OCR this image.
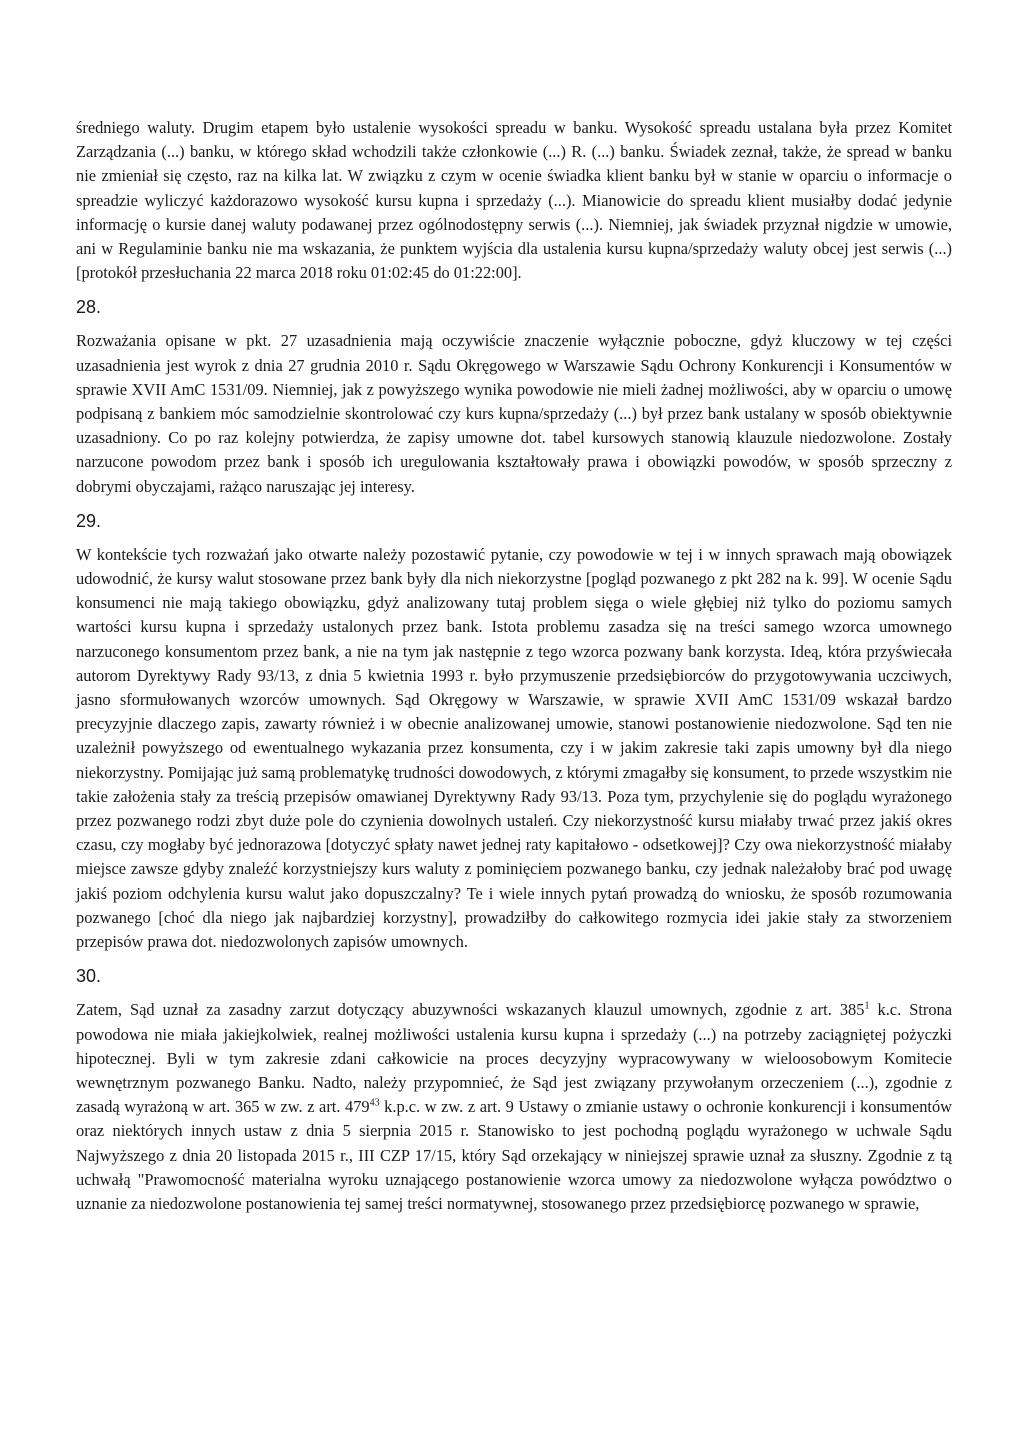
średniego waluty. Drugim etapem było ustalenie wysokości spreadu w banku. Wysokość spreadu ustalana była przez Komitet Zarządzania (...) banku, w którego skład wchodzili także członkowie (...) R. (...) banku. Świadek zeznał, także, że spread w banku nie zmieniał się często, raz na kilka lat. W związku z czym w ocenie świadka klient banku był w stanie w oparciu o informacje o spreadzie wyliczyć każdorazowo wysokość kursu kupna i sprzedaży (...). Mianowicie do spreadu klient musiałby dodać jedynie informację o kursie danej waluty podawanej przez ogólnodostępny serwis (...). Niemniej, jak świadek przyznał nigdzie w umowie, ani w Regulaminie banku nie ma wskazania, że punktem wyjścia dla ustalenia kursu kupna/sprzedaży waluty obcej jest serwis (...) [protokół przesłuchania 22 marca 2018 roku 01:02:45 do 01:22:00].

28.

Rozważania opisane w pkt. 27 uzasadnienia mają oczywiście znaczenie wyłącznie poboczne, gdyż kluczowy w tej części uzasadnienia jest wyrok z dnia 27 grudnia 2010 r. Sądu Okręgowego w Warszawie Sądu Ochrony Konkurencji i Konsumentów w sprawie XVII AmC 1531/09. Niemniej, jak z powyższego wynika powodowie nie mieli żadnej możliwości, aby w oparciu o umowę podpisaną z bankiem móc samodzielnie skontrolować czy kurs kupna/sprzedaży (...) był przez bank ustalany w sposób obiektywnie uzasadniony. Co po raz kolejny potwierdza, że zapisy umowne dot. tabel kursowych stanowią klauzule niedozwolone. Zostały narzucone powodom przez bank i sposób ich uregulowania kształtowały prawa i obowiązki powodów, w sposób sprzeczny z dobrymi obyczajami, rażąco naruszając jej interesy.

29.

W kontekście tych rozważań jako otwarte należy pozostawić pytanie, czy powodowie w tej i w innych sprawach mają obowiązek udowodnić, że kursy walut stosowane przez bank były dla nich niekorzystne [pogląd pozwanego z pkt 282 na k. 99]. W ocenie Sądu konsumenci nie mają takiego obowiązku, gdyż analizowany tutaj problem sięga o wiele głębiej niż tylko do poziomu samych wartości kursu kupna i sprzedaży ustalonych przez bank. Istota problemu zasadza się na treści samego wzorca umownego narzuconego konsumentom przez bank, a nie na tym jak następnie z tego wzorca pozwany bank korzysta. Ideą, która przyświecała autorom Dyrektywy Rady 93/13, z dnia 5 kwietnia 1993 r. było przymuszenie przedsiębiorców do przygotowywania uczciwych, jasno sformułowanych wzorców umownych. Sąd Okręgowy w Warszawie, w sprawie XVII AmC 1531/09 wskazał bardzo precyzyjnie dlaczego zapis, zawarty również i w obecnie analizowanej umowie, stanowi postanowienie niedozwolone. Sąd ten nie uzależnił powyższego od ewentualnego wykazania przez konsumenta, czy i w jakim zakresie taki zapis umowny był dla niego niekorzystny. Pomijając już samą problematykę trudności dowodowych, z którymi zmagałby się konsument, to przede wszystkim nie takie założenia stały za treścią przepisów omawianej Dyrektywny Rady 93/13. Poza tym, przychylenie się do poglądu wyrażonego przez pozwanego rodzi zbyt duże pole do czynienia dowolnych ustaleń. Czy niekorzystność kursu miałaby trwać przez jakiś okres czasu, czy mogłaby być jednorazowa [dotyczyć spłaty nawet jednej raty kapitałowo - odsetkowej]? Czy owa niekorzystność miałaby miejsce zawsze gdyby znaleźć korzystniejszy kurs waluty z pominięciem pozwanego banku, czy jednak należałoby brać pod uwagę jakiś poziom odchylenia kursu walut jako dopuszczalny? Te i wiele innych pytań prowadzą do wniosku, że sposób rozumowania pozwanego [choć dla niego jak najbardziej korzystny], prowadziłby do całkowitego rozmycia idei jakie stały za stworzeniem przepisów prawa dot. niedozwolonych zapisów umownych.

30.

Zatem, Sąd uznał za zasadny zarzut dotyczący abuzywności wskazanych klauzul umownych, zgodnie z art. $385^1$ k.c. Strona powodowa nie miała jakiejkolwiek, realnej możliwości ustalenia kursu kupna i sprzedaży (...) na potrzeby zaciągniętej pożyczki hipotecznej. Byli w tym zakresie zdani całkowicie na proces decyzyjny wypracowywany w wieloosobowym Komitecie wewnętrznym pozwanego Banku. Nadto, należy przypomnieć, że Sąd jest związany przywołanym orzeczeniem (...), zgodnie z zasadą wyrażoną w art. 365 w zw. z art. $479^{43}$ k.p.c. w zw. z art. 9 Ustawy o zmianie ustawy o ochronie konkurencji i konsumentów oraz niektórych innych ustaw z dnia 5 sierpnia 2015 r. Stanowisko to jest pochodną poglądu wyrażonego w uchwale Sądu Najwyższego z dnia 20 listopada 2015 r., III CZP 17/15, który Sąd orzekający w niniejszej sprawie uznał za słuszny. Zgodnie z tą uchwałą "Prawomocność materialna wyroku uznającego postanowienie wzorca umowy za niedozwolone wyłącza powództwo o uznanie za niedozwolone postanowienia tej samej treści normatywnej, stosowanego przez przedsiębiorcę pozwanego w sprawie,
